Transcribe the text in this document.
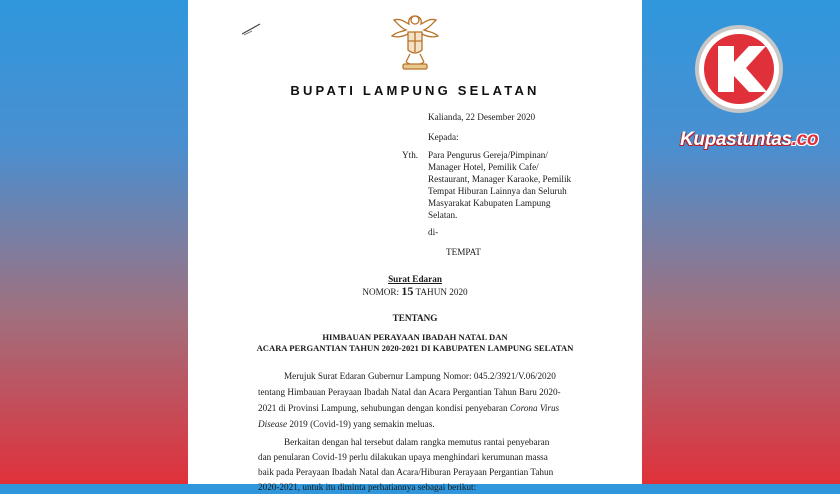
BUPATI LAMPUNG SELATAN
Kalianda, 22 Desember 2020
Kepada:
Yth. Para Pengurus Gereja/Pimpinan/
Manager Hotel, Pemilik Cafe/
Restaurant, Manager Karaoke, Pemilik
Tempat Hiburan Lainnya dan Seluruh
Masyarakat Kabupaten Lampung
Selatan.
di-
TEMPAT
Surat Edaran
NOMOR: 15 TAHUN 2020
TENTANG
HIMBAUAN PERAYAAN IBADAH NATAL DAN
ACARA PERGANTIAN TAHUN 2020-2021 DI KABUPATEN LAMPUNG SELATAN
Merujuk Surat Edaran Gubernur Lampung Nomor: 045.2/3921/V.06/2020
tentang Himbauan Perayaan Ibadah Natal dan Acara Pergantian Tahun Baru 2020-
2021 di Provinsi Lampung, sehubungan dengan kondisi penyebaran Corona Virus
Disease 2019 (Covid-19) yang semakin meluas.
Berkaitan dengan hal tersebut dalam rangka memutus rantai penyebaran
dan penularan Covid-19 perlu dilakukan upaya menghindari kerumunan massa
baik pada Perayaan Ibadah Natal dan Acara/Hiburan Perayaan Pergantian Tahun
2020-2021, untuk itu diminta perhatiannya sebagai berikut:
Kupastuntas.co
